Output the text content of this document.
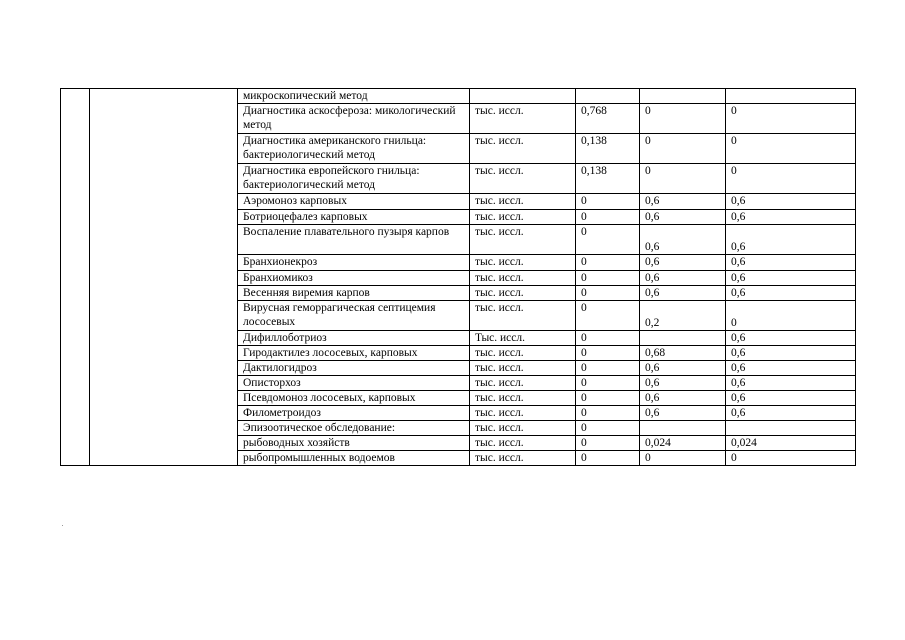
		микроскопический метод				
		Диагностика аскосфероза: микологический метод	тыс. иссл.	0,768	0	0
		Диагностика американского гнильца: бактериологический метод	тыс. иссл.	0,138	0	0
		Диагностика европейского гнильца: бактериологический метод	тыс. иссл.	0,138	0	0
		Аэромоноз карповых	тыс. иссл.	0	0,6	0,6
		Ботриоцефалез карповых	тыс. иссл.	0	0,6	0,6
		Воспаление плавательного пузыря карпов	тыс. иссл.	0	0,6	0,6
		Бранхионекроз	тыс. иссл.	0	0,6	0,6
		Бранхиомикоз	тыс. иссл.	0	0,6	0,6
		Весенняя виремия карпов	тыс. иссл.	0	0,6	0,6
		Вирусная геморрагическая септицемия лососевых	тыс. иссл.	0	0,2	0
		Дифиллоботриоз	Тыс. иссл.	0		0,6
		Гиродактилез лососевых, карповых	тыс. иссл.	0	0,68	0,6
		Дактилогидроз	тыс. иссл.	0	0,6	0,6
		Описторхоз	тыс. иссл.	0	0,6	0,6
		Псевдомоноз лососевых, карповых	тыс. иссл.	0	0,6	0,6
		Филометроидоз	тыс. иссл.	0	0,6	0,6
		Эпизоотическое обследование:	тыс. иссл.	0		
		рыбоводных хозяйств	тыс. иссл.	0	0,024	0,024
		рыбопромышленных водоемов	тыс. иссл.	0	0	0
